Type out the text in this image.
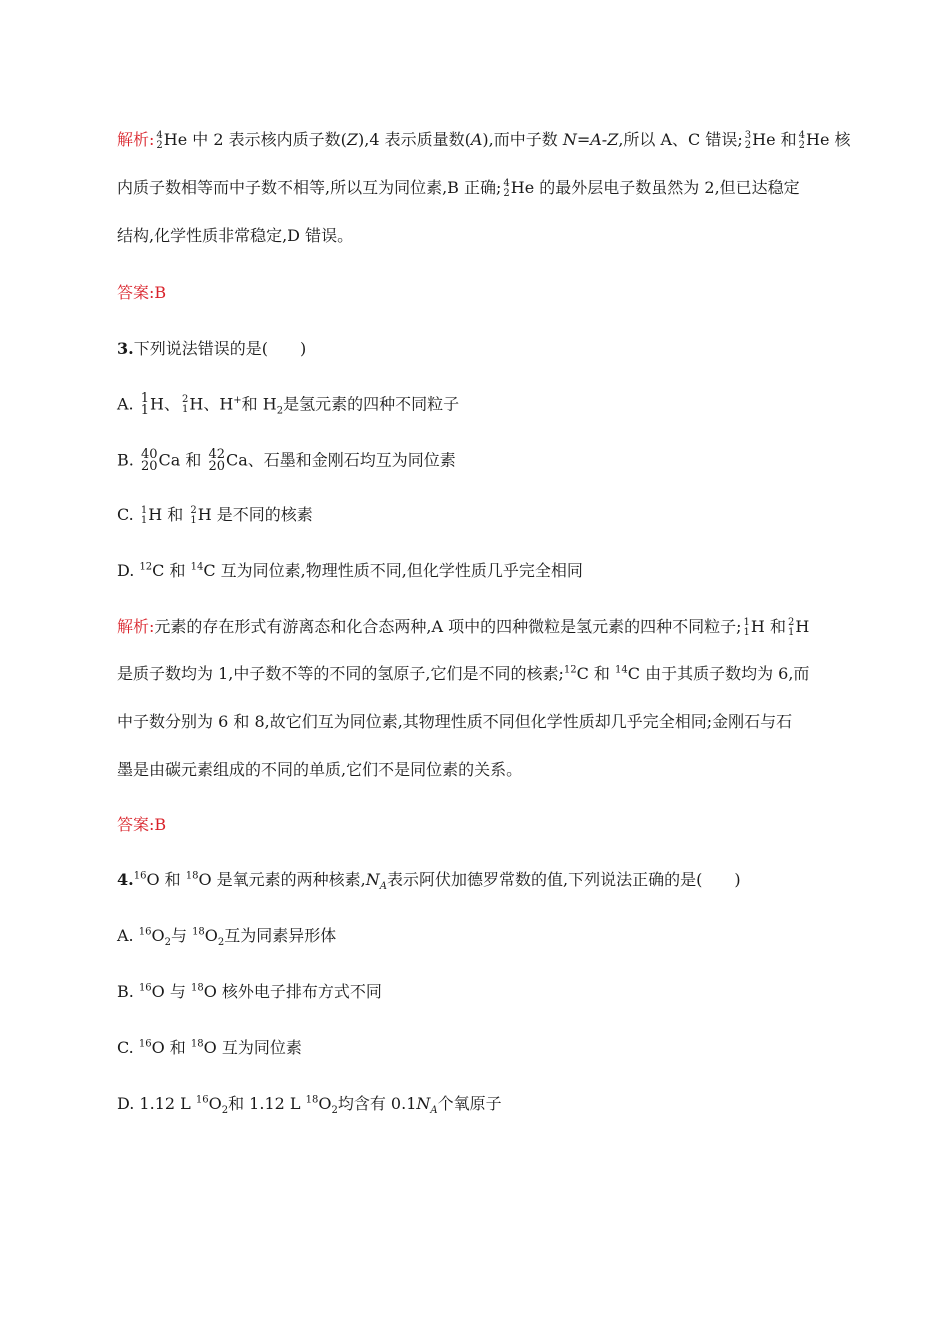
解析: 4
2 He 中 2 表示核内质子数(Z),4 表示质量数(A),而中子数 N=A-Z,所以 A、C 错误; 3
2 He 和 4
2 He 核
内质子数相等而中子数不相等,所以互为同位素,B 正确; 4
2 He 的最外层电子数虽然为 2,但已达稳定
结构,化学性质非常稳定,D 错误。
答案:B
3.下列说法错误的是(　　)
A. 1
1 H、 2
1 H、H+和 $H_2$是氢元素的四种不同粒子
B. 40
20 Ca 和 42
20 Ca、石墨和金刚石均互为同位素
C. 1
1 H 和 2
1 H 是不同的核素
D. $^{12}$C 和 $^{14}$C 互为同位素,物理性质不同,但化学性质几乎完全相同
解析:元素的存在形式有游离态和化合态两种,A 项中的四种微粒是氢元素的四种不同粒子; 1
1 H 和 2
1 H
是质子数均为 1,中子数不等的不同的氢原子,它们是不同的核素;$^{12}$C 和 $^{14}$C 由于其质子数均为 6,而
中子数分别为 6 和 8,故它们互为同位素,其物理性质不同但化学性质却几乎完全相同;金刚石与石
墨是由碳元素组成的不同的单质,它们不是同位素的关系。
答案:B
4.16O 和 $^{18}$O 是氧元素的两种核素$,N_A$表示阿伏加德罗常数的值,下列说法正确的是(　　)
A. $^{16}O_2$与 $^{18}O_2$互为同素异形体
B. $^{16}$O 与 $^{18}$O 核外电子排布方式不同
C. $^{16}$O 和 $^{18}$O 互为同位素
D. 1.12 L $^{16}O_2$和 1.12 L $^{18}O_2$均含有 $0.1N_A$个氧原子
